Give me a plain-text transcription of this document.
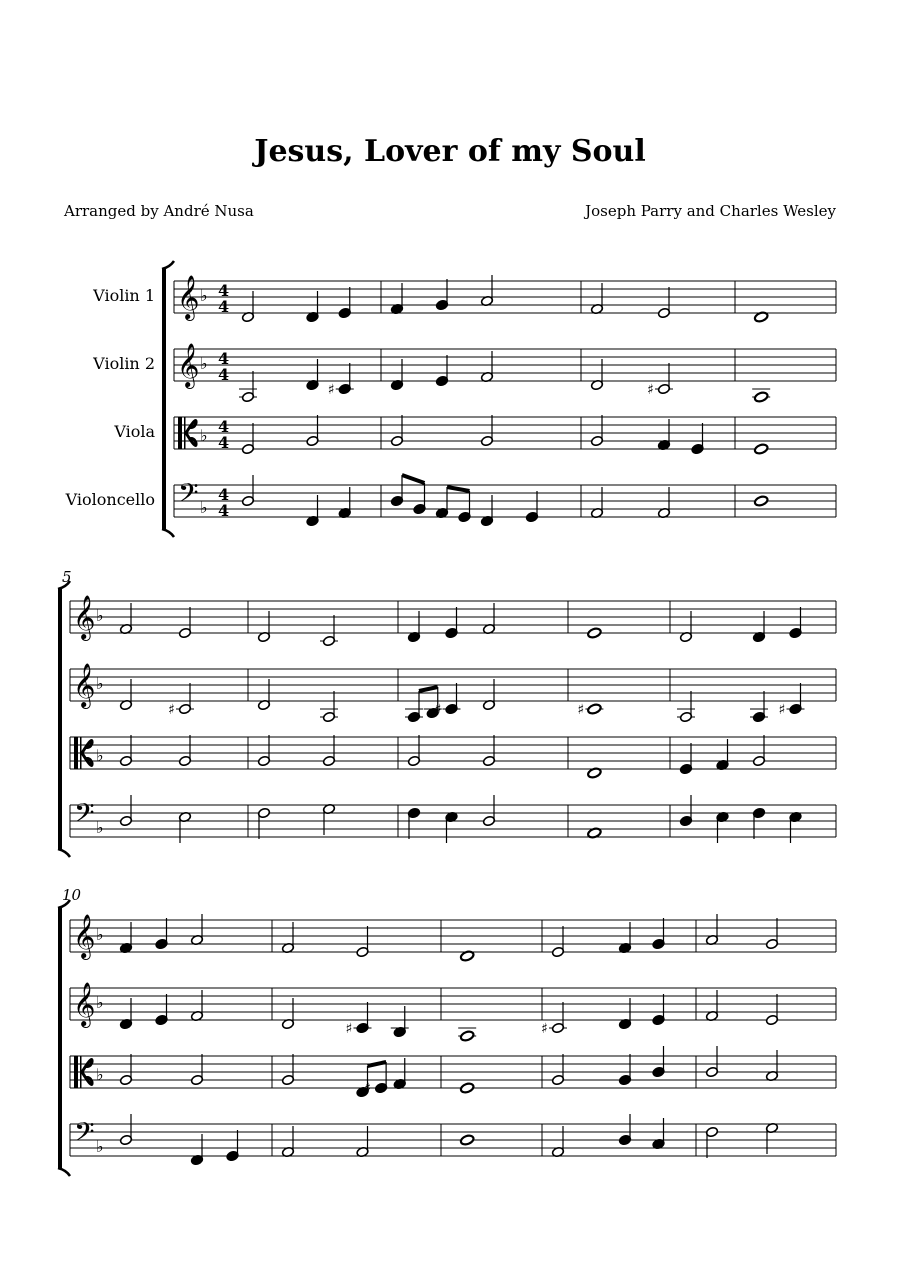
Jesus, Lover of my Soul
Arranged by André Nusa	Joseph Parry and Charles Wesley
Violin 1
Violin 2
Viola
Violoncello
𝄞 ♭ 4
4
𝄞 ♭ 4
4
♯	♯
♭ 4
4
𝄢 ♭
4
4
5
𝄞 ♭
𝄞 ♭
♯	♯	♯	♯
♭
𝄢 ♭
10
𝄞 ♭
𝄞 ♭
♯	♯
♭
♯
𝄢 ♭
